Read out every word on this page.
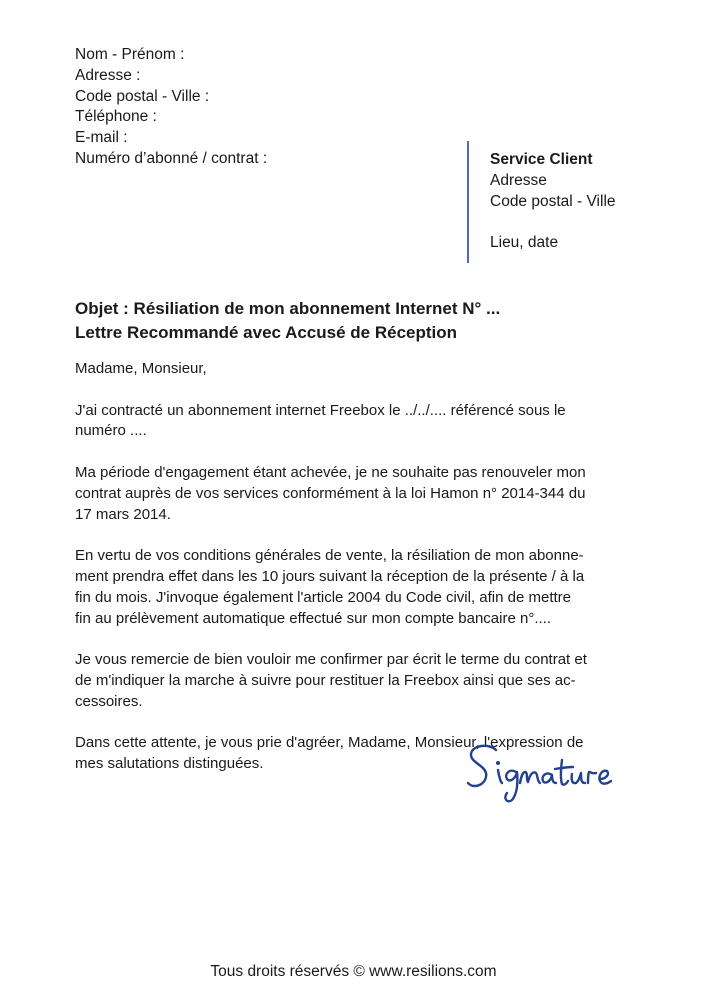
Nom - Prénom :
Adresse :
Code postal - Ville :
Téléphone :
E-mail :
Numéro d’abonné / contrat :	Service Client
Adresse
Code postal - Ville
Lieu, date
Objet : Résiliation de mon abonnement Internet N° ...
Lettre Recommandé avec Accusé de Réception

Madame, Monsieur,

J'ai contracté un abonnement internet Freebox le ../../.... référencé sous le
numéro ....

Ma période d'engagement étant achevée, je ne souhaite pas renouveler mon
contrat auprès de vos services conformément à la loi Hamon n° 2014-344 du
17 mars 2014.

En vertu de vos conditions générales de vente, la résiliation de mon abonne-
ment prendra effet dans les 10 jours suivant la réception de la présente / à la
fin du mois. J'invoque également l'article 2004 du Code civil, afin de mettre
fin au prélèvement automatique effectué sur mon compte bancaire n°....

Je vous remercie de bien vouloir me confirmer par écrit le terme du contrat et
de m'indiquer la marche à suivre pour restituer la Freebox ainsi que ses ac-
cessoires.

Dans cette attente, je vous prie d'agréer, Madame, Monsieur, l'expression de
mes salutations distinguées.

Tous droits réservés © www.resilions.com
